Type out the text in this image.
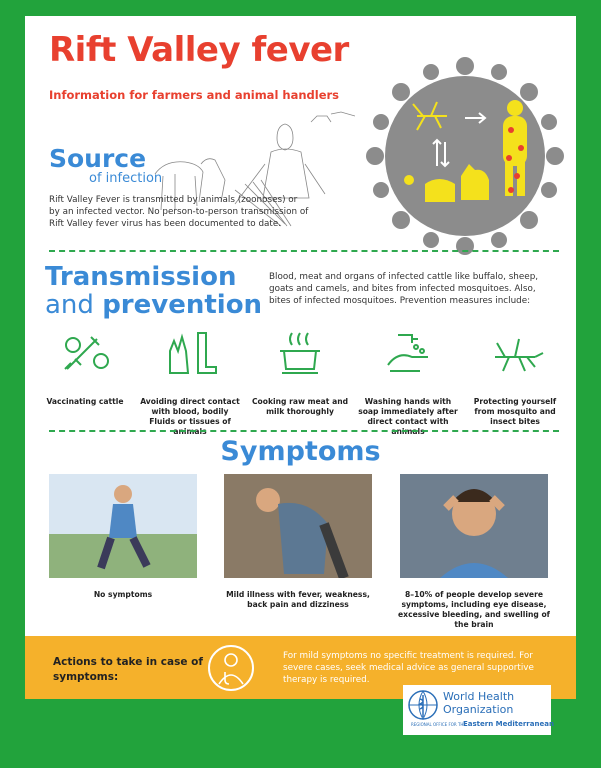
Rift Valley fever
Information for farmers and animal handlers
Source
of infection
Rift Valley Fever is transmitted by animals (zoonoses) or by an infected vector. No person-to-person transmission of Rift Valley fever virus has been documented to date.
Transmission
and prevention
Blood, meat and organs of infected cattle like buffalo, sheep, goats and camels, and bites from infected mosquitoes. Also, bites of infected mosquitoes. Prevention measures include:
Vaccinating cattle	Avoiding direct contact with blood, bodily Fluids or tissues of animals
Cooking raw meat and milk thoroughly
Washing hands with soap immediately after direct contact with animals
Protecting yourself from mosquito and insect bites
Symptoms
No symptoms	Mild illness with fever, weakness, back pain and dizziness
8–10% of people develop severe symptoms, including eye disease, excessive bleeding, and swelling of the brain
Actions to take in case of symptoms:
For mild symptoms no specific treatment is required. For severe cases, seek medical advice as general supportive therapy is required.
World Health
Organization
REGIONAL OFFICE FOR THE
Eastern Mediterranean
